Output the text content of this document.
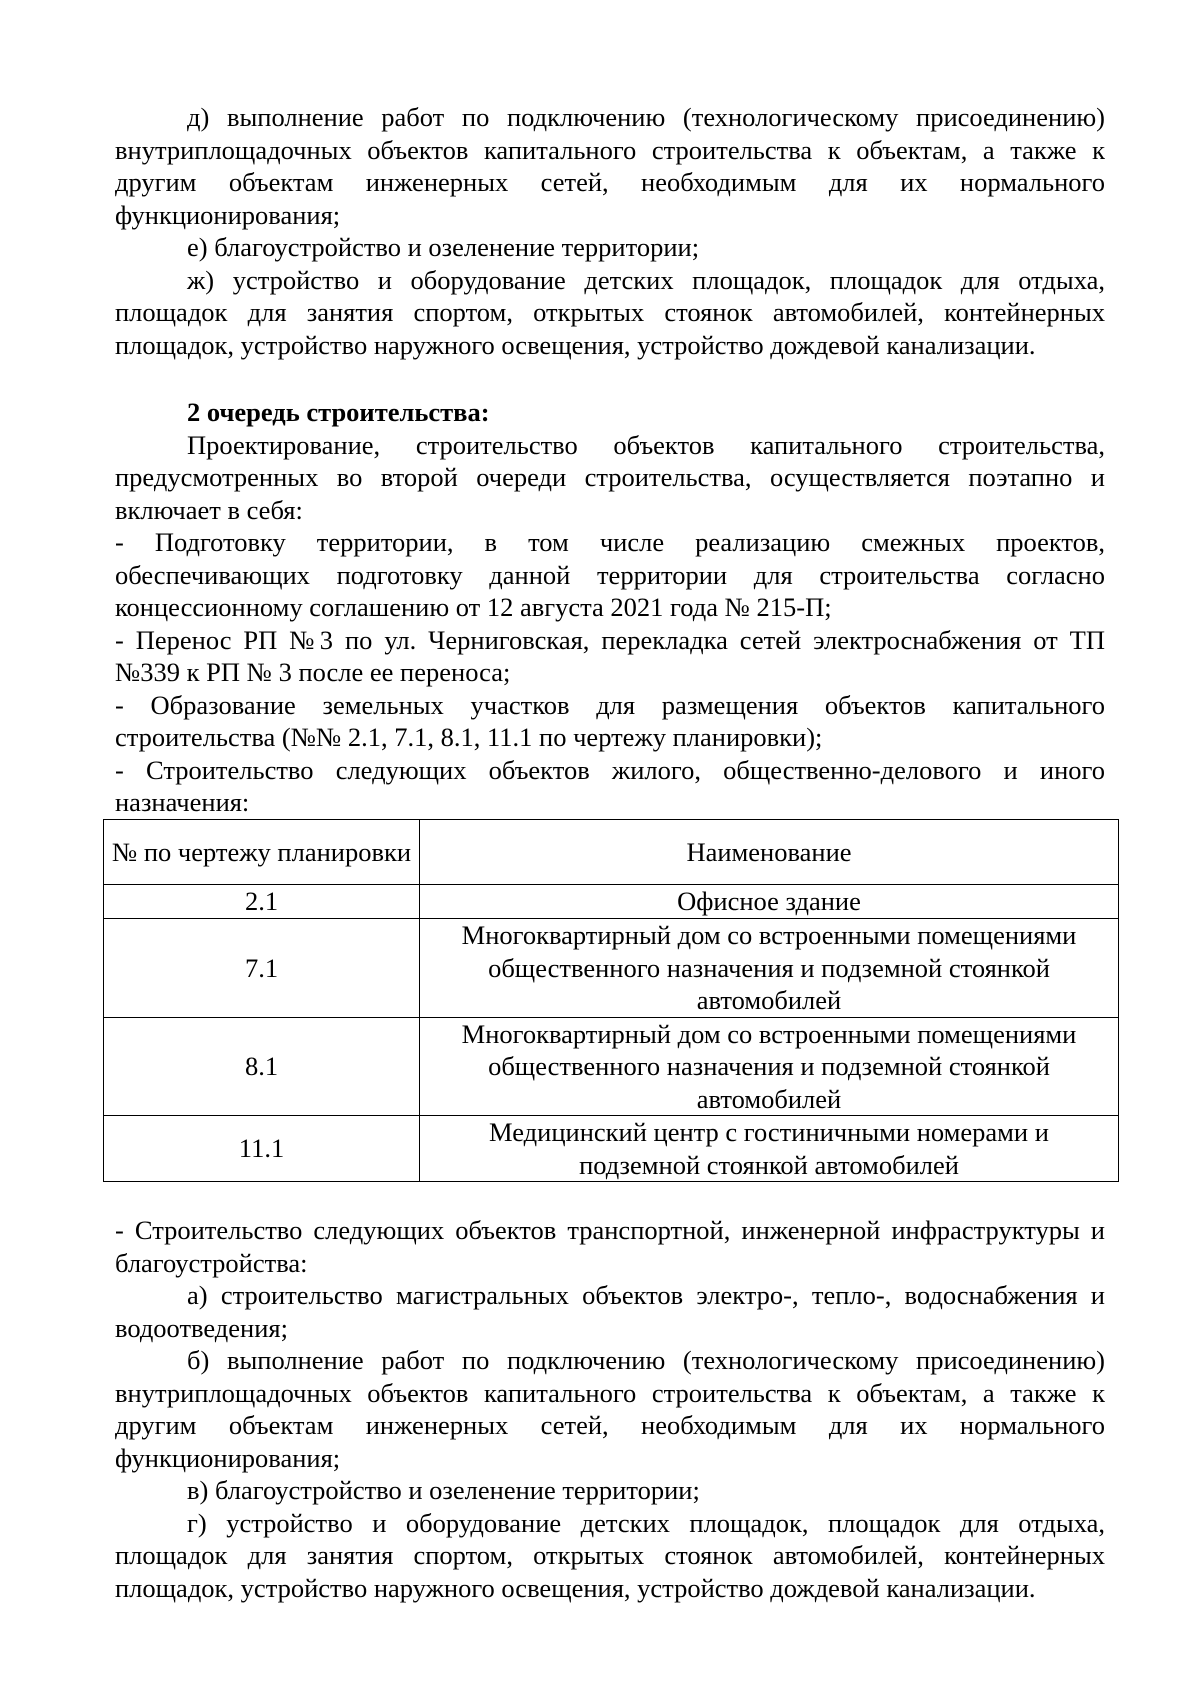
д) выполнение работ по подключению (технологическому присоединению) внутриплощадочных объектов капитального строительства к объектам, а также к другим объектам инженерных сетей, необходимым для их нормального функционирования;

е) благоустройство и озеленение территории;

ж) устройство и оборудование детских площадок, площадок для отдыха, площадок для занятия спортом, открытых стоянок автомобилей, контейнерных площадок, устройство наружного освещения, устройство дождевой канализации.

2 очередь строительства:

Проектирование, строительство объектов капитального строительства, предусмотренных во второй очереди строительства, осуществляется поэтапно и включает в себя:

- Подготовку территории, в том числе реализацию смежных проектов, обеспечивающих подготовку данной территории для строительства согласно концессионному соглашению от 12 августа 2021 года № 215-П;

- Перенос РП №3 по ул. Черниговская, перекладка сетей электроснабжения от ТП №339 к РП № 3 после ее переноса;

- Образование земельных участков для размещения объектов капитального строительства (№№ 2.1, 7.1, 8.1, 11.1 по чертежу планировки);

- Строительство следующих объектов жилого, общественно-делового и иного назначения:

№ по чертежу планировки	Наименование
2.1	Офисное здание
7.1	Многоквартирный дом со встроенными помещениями общественного назначения и подземной стоянкой автомобилей
8.1	Многоквартирный дом со встроенными помещениями общественного назначения и подземной стоянкой автомобилей
11.1	Медицинский центр с гостиничными номерами и подземной стоянкой автомобилей

- Строительство следующих объектов транспортной, инженерной инфраструктуры и благоустройства:

а) строительство магистральных объектов электро-, тепло-, водоснабжения и водоотведения;

б) выполнение работ по подключению (технологическому присоединению) внутриплощадочных объектов капитального строительства к объектам, а также к другим объектам инженерных сетей, необходимым для их нормального функционирования;

в) благоустройство и озеленение территории;

г) устройство и оборудование детских площадок, площадок для отдыха, площадок для занятия спортом, открытых стоянок автомобилей, контейнерных площадок, устройство наружного освещения, устройство дождевой канализации.
